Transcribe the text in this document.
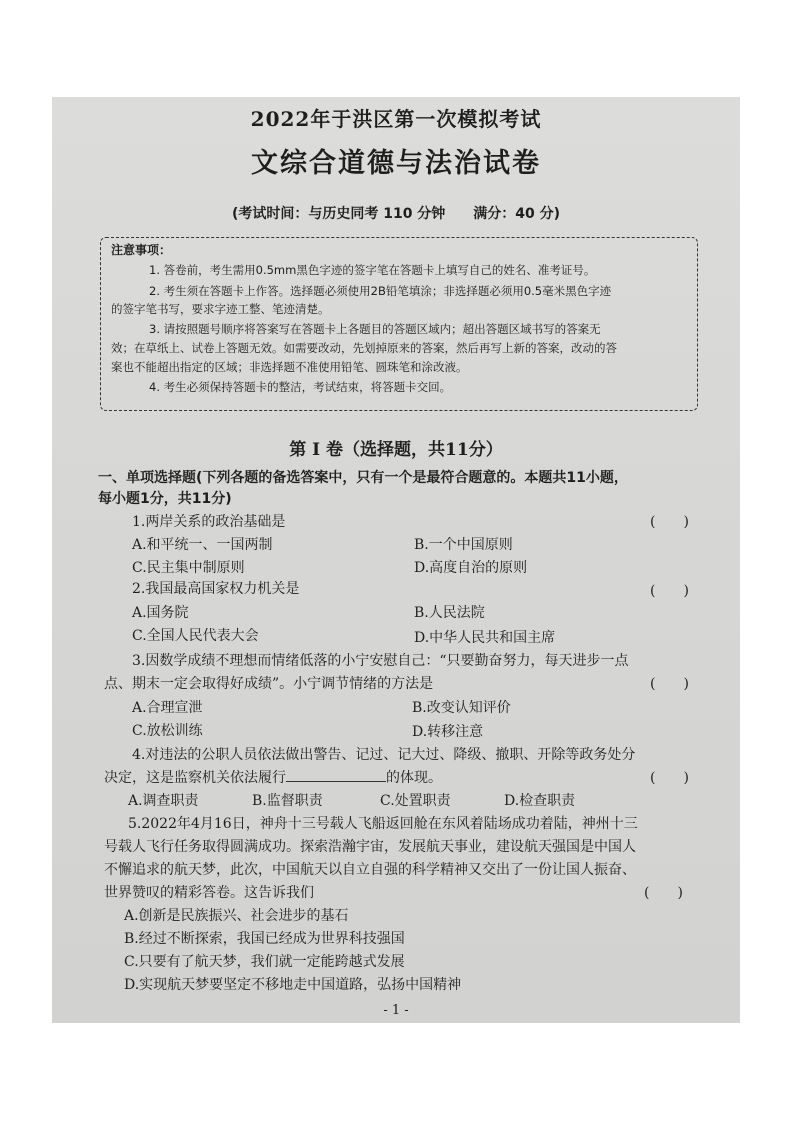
2022年于洪区第一次模拟考试
文综合道德与法治试卷
(考试时间：与历史同考 110 分钟　　满分：40 分)
注意事项：
1. 答卷前，考生需用0.5mm黑色字迹的签字笔在答题卡上填写自己的姓名、准考证号。
2. 考生须在答题卡上作答。选择题必须使用2B铅笔填涂；非选择题必须用0.5毫米黑色字迹
的签字笔书写，要求字迹工整、笔迹清楚。
3. 请按照题号顺序将答案写在答题卡上各题目的答题区域内；超出答题区域书写的答案无
效；在草纸上、试卷上答题无效。如需要改动，先划掉原来的答案，然后再写上新的答案，改动的答
案也不能超出指定的区域；非选择题不准使用铅笔、圆珠笔和涂改液。
4. 考生必须保持答题卡的整洁，考试结束，将答题卡交回。
第 I 卷（选择题，共11分）
一、单项选择题(下列各题的备选答案中，只有一个是最符合题意的。本题共11小题，
每小题1分，共11分)
1.两岸关系的政治基础是	(　　)
A.和平统一、一国两制	B.一个中国原则
C.民主集中制原则	D.高度自治的原则
2.我国最高国家权力机关是	(　　)
A.国务院	B.人民法院
C.全国人民代表大会	D.中华人民共和国主席
3.因数学成绩不理想而情绪低落的小宁安慰自己：“只要勤奋努力，每天进步一点
点、期末一定会取得好成绩”。小宁调节情绪的方法是	(　　)
A.合理宣泄	B.改变认知评价
C.放松训练	D.转移注意
4.对违法的公职人员依法做出警告、记过、记大过、降级、撤职、开除等政务处分
决定，这是监察机关依法履行	的体现。	(　　)
A.调查职责	B.监督职责	C.处置职责	D.检查职责
5.2022年4月16日，神舟十三号载人飞船返回舱在东风着陆场成功着陆，神州十三
号载人飞行任务取得圆满成功。探索浩瀚宇宙，发展航天事业，建设航天强国是中国人
不懈追求的航天梦，此次，中国航天以自立自强的科学精神又交出了一份让国人振奋、
世界赞叹的精彩答卷。这告诉我们	(　　)
A.创新是民族振兴、社会进步的基石
B.经过不断探索，我国已经成为世界科技强国
C.只要有了航天梦，我们就一定能跨越式发展
D.实现航天梦要坚定不移地走中国道路，弘扬中国精神
- 1 -
